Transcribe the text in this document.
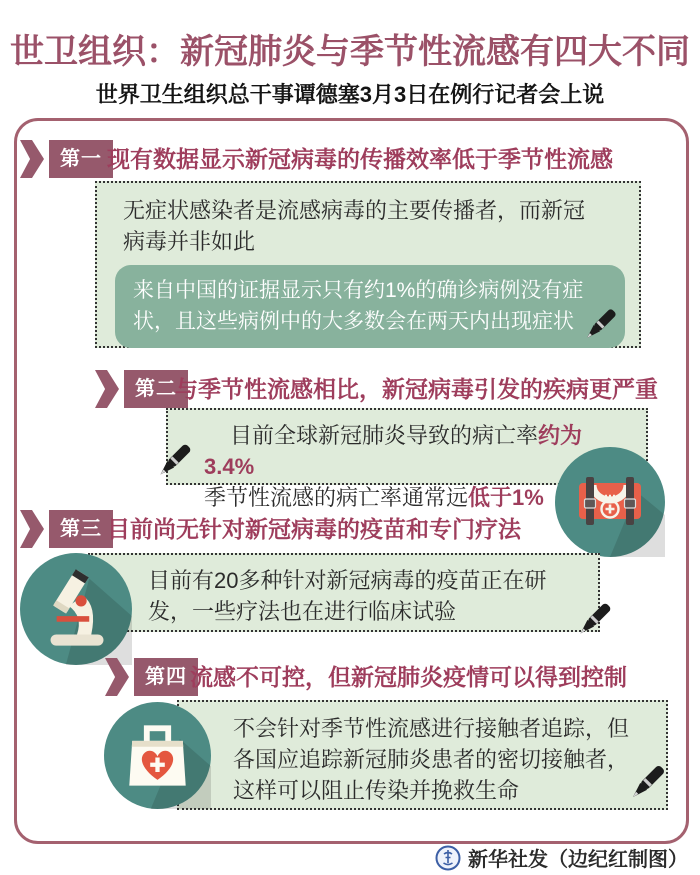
世卫组织：新冠肺炎与季节性流感有四大不同
世界卫生组织总干事谭德塞3月3日在例行记者会上说
第一 现有数据显示新冠病毒的传播效率低于季节性流感
无症状感染者是流感病毒的主要传播者，而新冠病毒并非如此
来自中国的证据显示只有约1%的确诊病例没有症状，且这些病例中的大多数会在两天内出现症状
第二
与季节性流感相比，新冠病毒引发的疾病更严重
目前全球新冠肺炎导致的病亡率约为3.4%
季节性流感的病亡率通常远低于1%
第三 目前尚无针对新冠病毒的疫苗和专门疗法
目前有20多种针对新冠病毒的疫苗正在研发，一些疗法也在进行临床试验
第四 流感不可控，但新冠肺炎疫情可以得到控制
不会针对季节性流感进行接触者追踪，但各国应追踪新冠肺炎患者的密切接触者，这样可以阻止传染并挽救生命
新华社发（边纪红制图）
